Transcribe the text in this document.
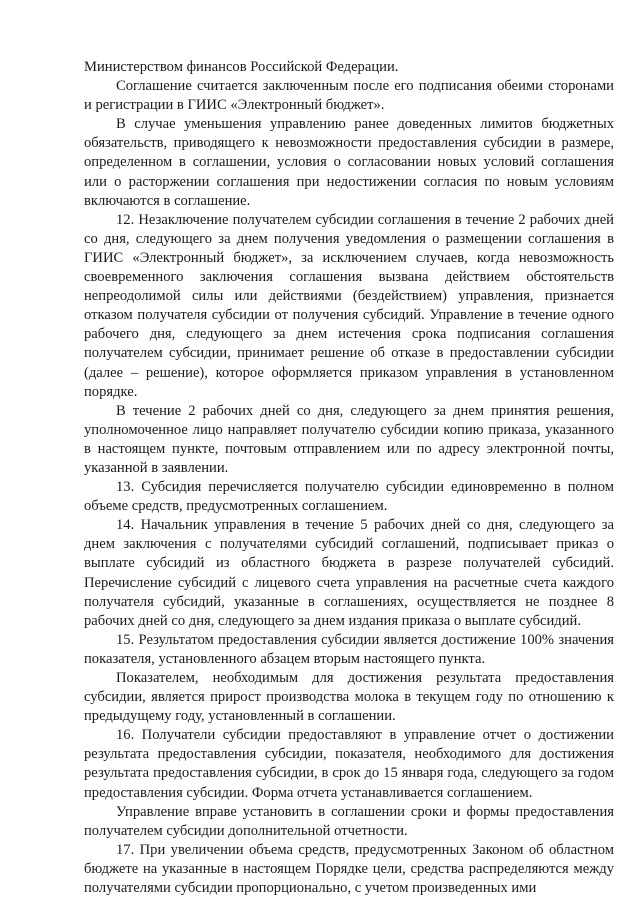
Министерством финансов Российской Федерации.

Соглашение считается заключенным после его подписания обеими сторонами и регистрации в ГИИС «Электронный бюджет».

В случае уменьшения управлению ранее доведенных лимитов бюджетных обязательств, приводящего к невозможности предоставления субсидии в размере, определенном в соглашении, условия о согласовании новых условий соглашения или о расторжении соглашения при недостижении согласия по новым условиям включаются в соглашение.

12. Незаключение получателем субсидии соглашения в течение 2 рабочих дней со дня, следующего за днем получения уведомления о размещении соглашения в ГИИС «Электронный бюджет», за исключением случаев, когда невозможность своевременного заключения соглашения вызвана действием обстоятельств непреодолимой силы или действиями (бездействием) управления, признается отказом получателя субсидии от получения субсидий. Управление в течение одного рабочего дня, следующего за днем истечения срока подписания соглашения получателем субсидии, принимает решение об отказе в предоставлении субсидии (далее – решение), которое оформляется приказом управления в установленном порядке.

В течение 2 рабочих дней со дня, следующего за днем принятия решения, уполномоченное лицо направляет получателю субсидии копию приказа, указанного в настоящем пункте, почтовым отправлением или по адресу электронной почты, указанной в заявлении.

13. Субсидия перечисляется получателю субсидии единовременно в полном объеме средств, предусмотренных соглашением.

14. Начальник управления в течение 5 рабочих дней со дня, следующего за днем заключения с получателями субсидий соглашений, подписывает приказ о выплате субсидий из областного бюджета в разрезе получателей субсидий. Перечисление субсидий с лицевого счета управления на расчетные счета каждого получателя субсидий, указанные в соглашениях, осуществляется не позднее 8 рабочих дней со дня, следующего за днем издания приказа о выплате субсидий.

15. Результатом предоставления субсидии является достижение 100% значения показателя, установленного абзацем вторым настоящего пункта.

Показателем, необходимым для достижения результата предоставления субсидии, является прирост производства молока в текущем году по отношению к предыдущему году, установленный в соглашении.

16. Получатели субсидии предоставляют в управление отчет о достижении результата предоставления субсидии, показателя, необходимого для достижения результата предоставления субсидии, в срок до 15 января года, следующего за годом предоставления субсидии. Форма отчета устанавливается соглашением.

Управление вправе установить в соглашении сроки и формы предоставления получателем субсидии дополнительной отчетности.

17. При увеличении объема средств, предусмотренных Законом об областном бюджете на указанные в настоящем Порядке цели, средства распределяются между получателями субсидии пропорционально, с учетом произведенных ими
